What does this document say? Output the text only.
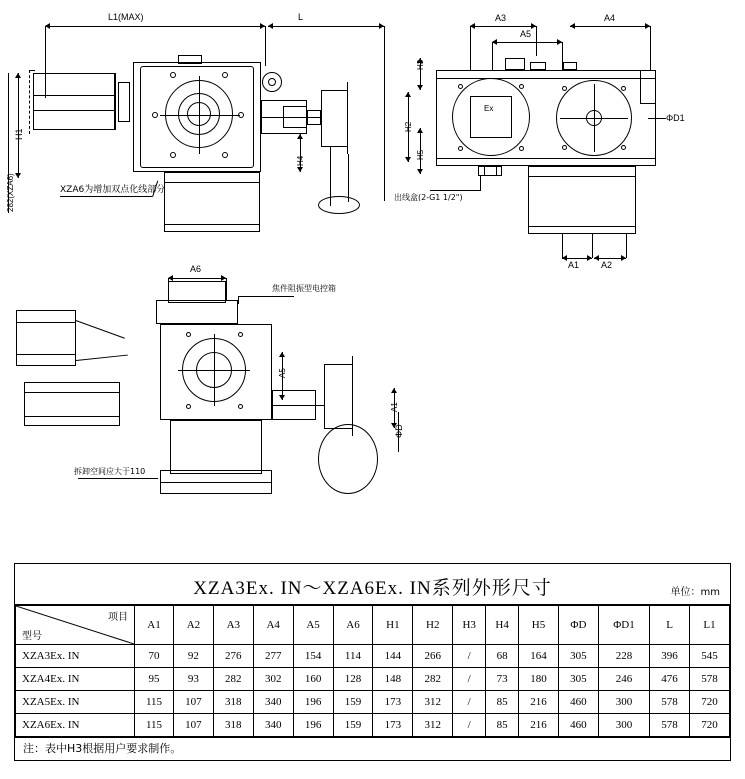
L1(MAX)	L
H1
282(XZA6)
H4
XZA6为增加双点化线部分
A3	A4
A5
Ex
出线盒(2-G1 1/2")
H3
H2
H5
ΦD1
A1 A2
A6
焦件阻振型电控箱
拆卸空间应大于110
A5
A1
ΦD
XZA3Ex. IN～XZA6Ex. IN系列外形尺寸	单位：mm
项目
型号	A1	A2	A3	A4	A5	A6	H1	H2	H3	H4	H5	ΦD	ΦD1	L	L1
XZA3Ex. IN	70	92	276	277	154	114	144	266	/	68	164	305	228	396	545
XZA4Ex. IN	95	93	282	302	160	128	148	282	/	73	180	305	246	476	578
XZA5Ex. IN	115	107	318	340	196	159	173	312	/	85	216	460	300	578	720
XZA6Ex. IN	115	107	318	340	196	159	173	312	/	85	216	460	300	578	720
注：表中H3根据用户要求制作。
